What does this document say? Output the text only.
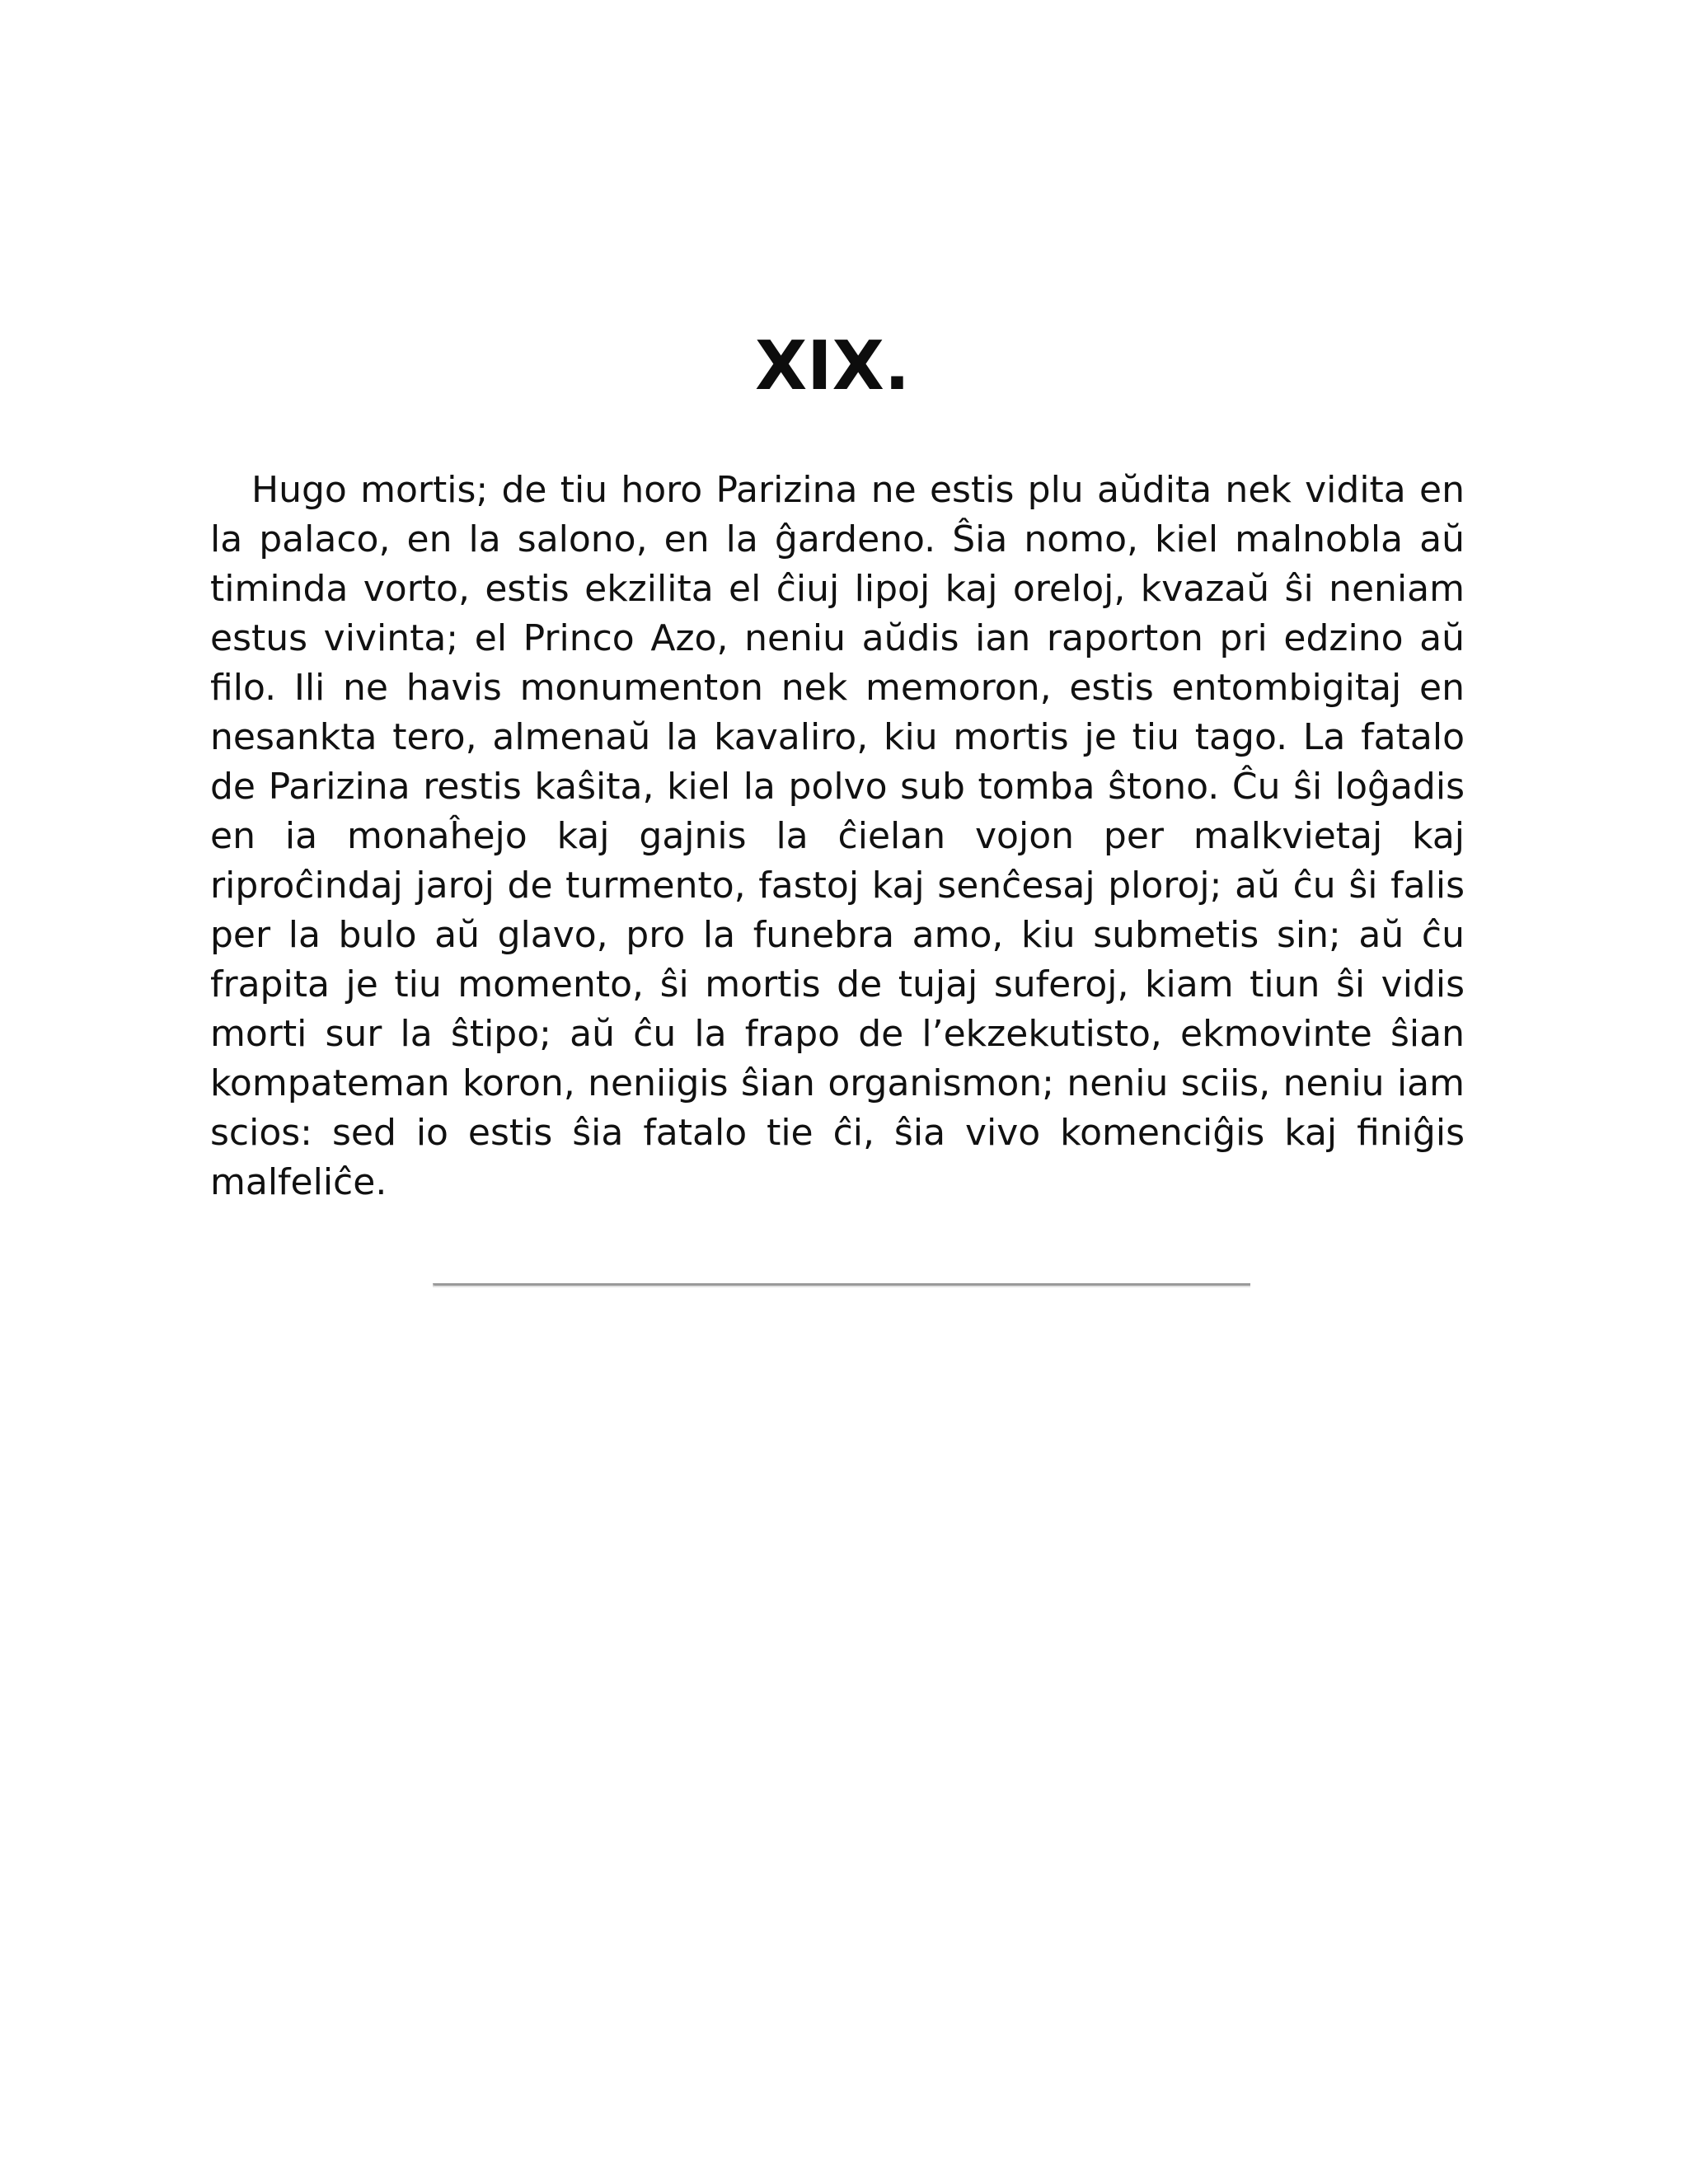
XIX.

Hugo mortis; de tiu horo Parizina ne estis plu aŭdita nek vidita en la palaco, en la salono, en la ĝardeno. Ŝia nomo, kiel malnobla aŭ timinda vorto, estis ekzilita el ĉiuj lipoj kaj oreloj, kvazaŭ ŝi neniam estus vivinta; el Princo Azo, neniu aŭdis ian raporton pri edzino aŭ filo. Ili ne havis monumenton nek memoron, estis entombigitaj en nesankta tero, almenaŭ la kavaliro, kiu mortis je tiu tago. La fatalo de Parizina restis kaŝita, kiel la polvo sub tomba ŝtono. Ĉu ŝi loĝadis en ia monaĥejo kaj gajnis la ĉielan vojon per malkvietaj kaj riproĉindaj jaroj de turmento, fastoj kaj senĉesaj ploroj; aŭ ĉu ŝi falis per la bulo aŭ glavo, pro la funebra amo, kiu submetis sin; aŭ ĉu frapita je tiu momento, ŝi mortis de tujaj suferoj, kiam tiun ŝi vidis morti sur la ŝtipo; aŭ ĉu la frapo de l’ekzekutisto, ekmovinte ŝian kompateman koron, neniigis ŝian organismon; neniu sciis, neniu iam scios: sed io estis ŝia fatalo tie ĉi, ŝia vivo komenciĝis kaj finiĝis malfeliĉe.
